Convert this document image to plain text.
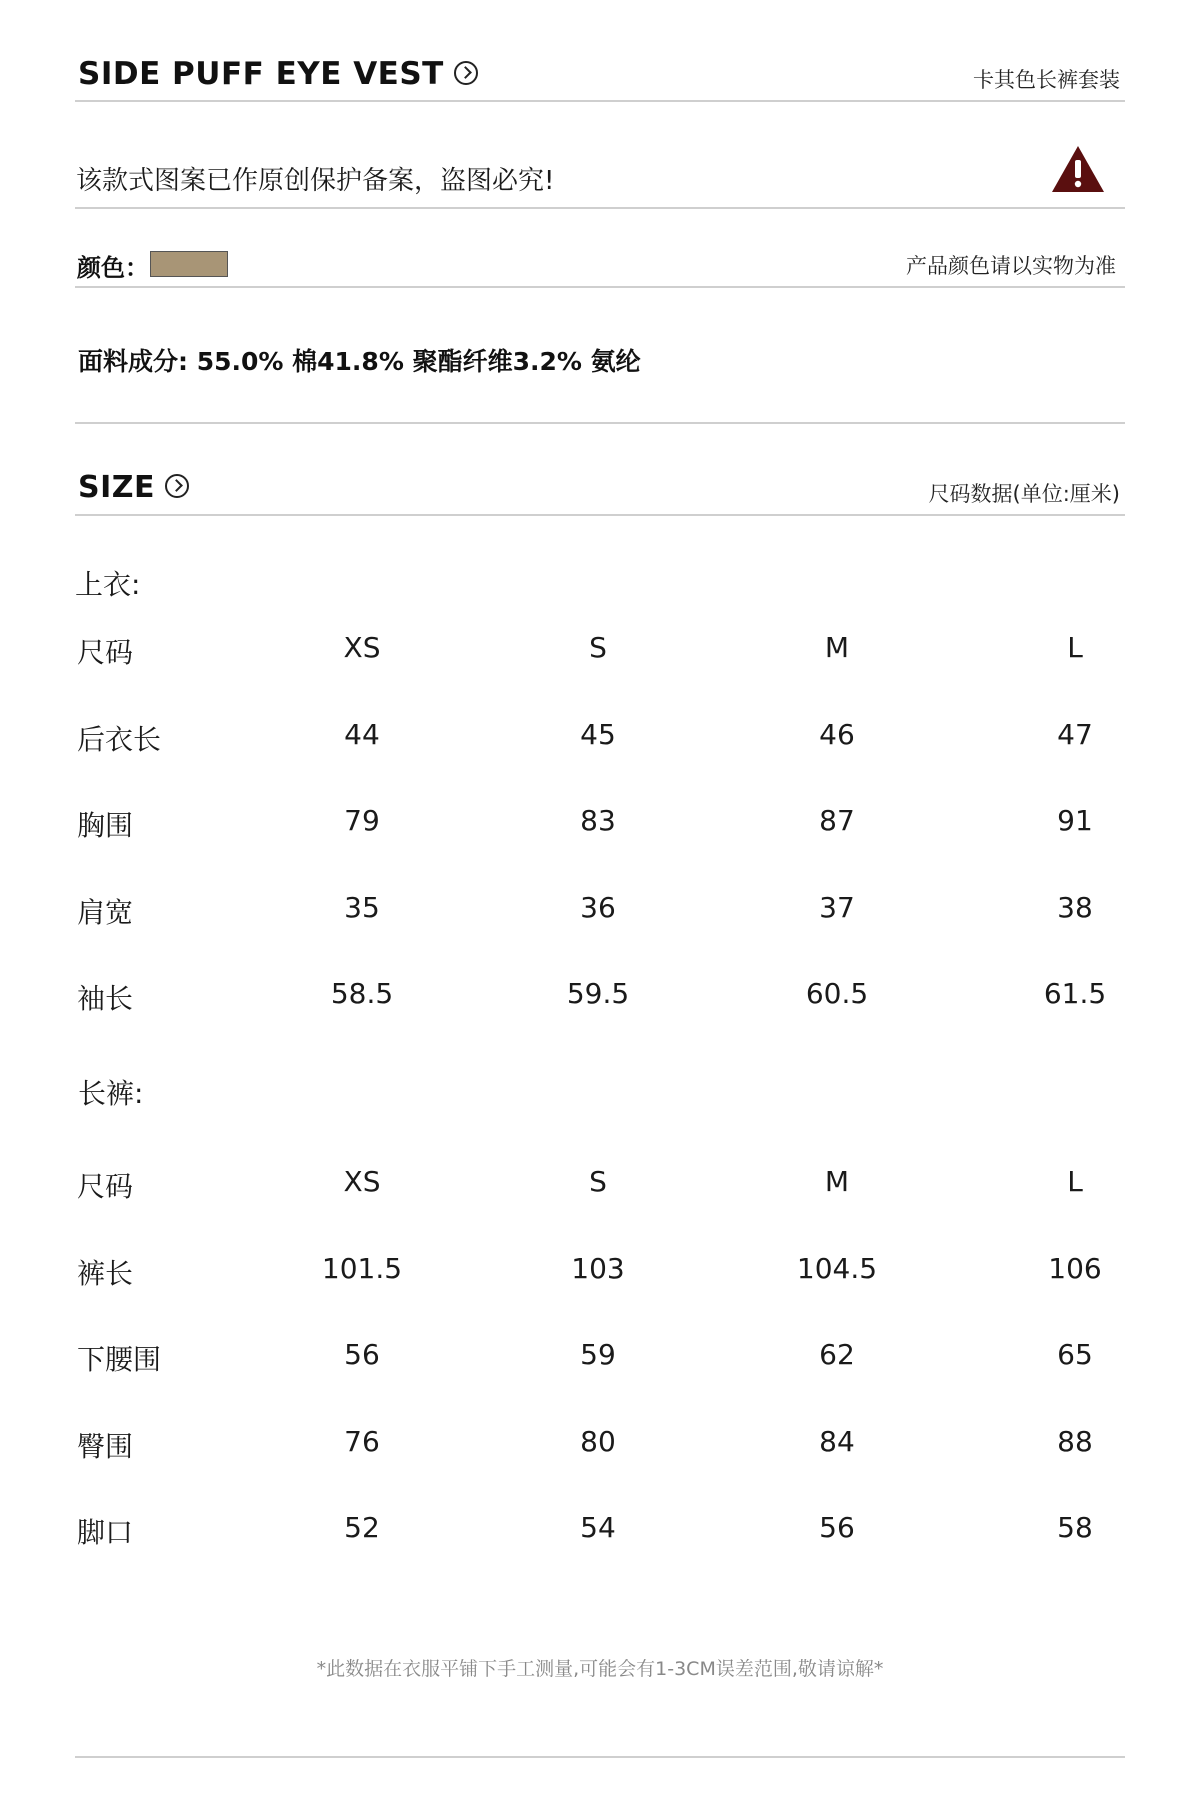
SIDE PUFF EYE VEST	卡其色长裤套装
该款式图案已作原创保护备案，盗图必究!
颜色：	产品颜色请以实物为准
面料成分: 55.0% 棉41.8% 聚酯纤维3.2% 氨纶
SIZE	尺码数据(单位:厘米)
上衣:
尺码	XS	S	M	L
后衣长	44	45	46	47
胸围	79	83	87	91
肩宽	35	36	37	38
袖长	58.5	59.5	60.5	61.5
长裤:
尺码	XS	S	M	L
裤长	101.5	103	104.5	106
下腰围	56	59	62	65
臀围	76	80	84	88
脚口	52	54	56	58
*此数据在衣服平铺下手工测量,可能会有1-3CM误差范围,敬请谅解*
